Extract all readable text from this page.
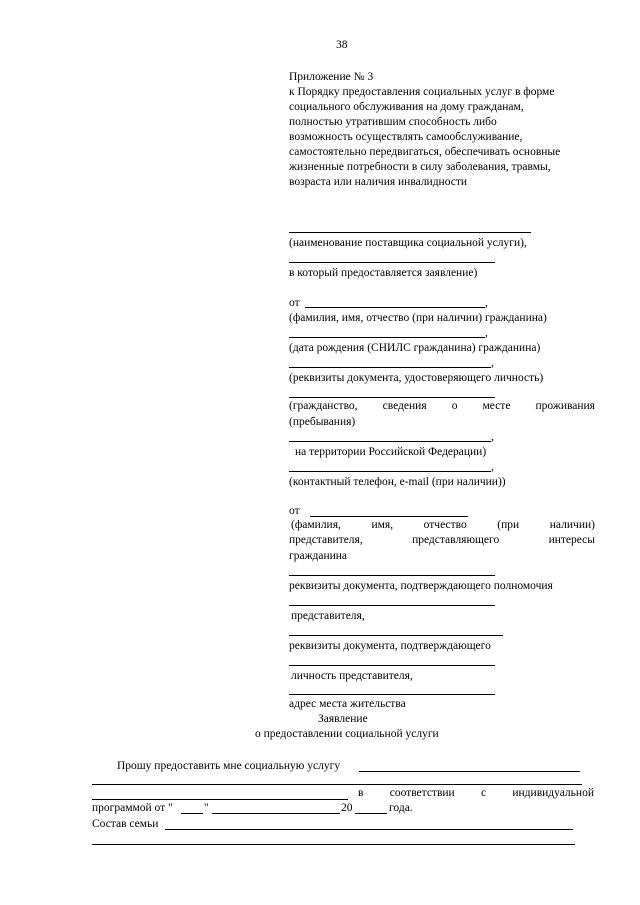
38
Приложение № 3
к Порядку предоставления социальных услуг в форме
социального обслуживания на дому гражданам,
полностью утратившим способность либо
возможность осуществлять самообслуживание,
самостоятельно передвигаться, обеспечивать основные
жизненные потребности в силу заболевания, травмы,
возраста или наличия инвалидности
(наименование поставщика социальной услуги),
в который предоставляется заявление)
от	,
(фамилия, имя, отчество (при наличии) гражданина)
,
(дата рождения (СНИЛС гражданина) гражданина)
,
(реквизиты документа, удостоверяющего личность)
(гражданство, сведения о месте проживания
(пребывания)
,
на территории Российской Федерации)
,
(контактный телефон, e-mail (при наличии))
от
(фамилия,	имя,	отчество	(при	наличии)
представителя,	представляющего	интересы
гражданина
реквизиты документа, подтверждающего полномочия
представителя,
реквизиты документа, подтверждающего
личность представителя,
адрес места жительства
Заявление
о предоставлении социальной услуги
Прошу предоставить мне социальную услугу
в соответствии с индивидуальной
программой от "	"	20	года.
Состав семьи
